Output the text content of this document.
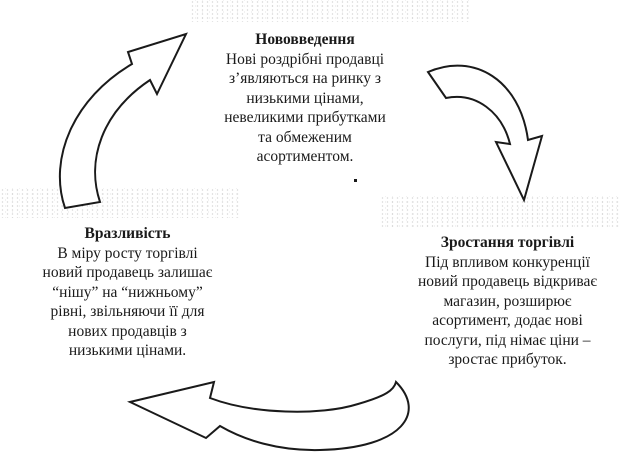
Нововведення
Нові роздрібні продавці
з’являються на ринку з
низькими цінами,
невеликими прибутками
та обмеженим
асортиментом.
Вразливість
В міру росту торгівлі
новий продавець залишає
“нішу” на “нижньому”
рівні, звільняючи її для
нових продавців з
низькими цінами.
Зростання торгівлі
Під впливом конкуренції
новий продавець відкриває
магазин, розширює
асортимент, додає нові
послуги, під німає ціни –
зростає прибуток.
